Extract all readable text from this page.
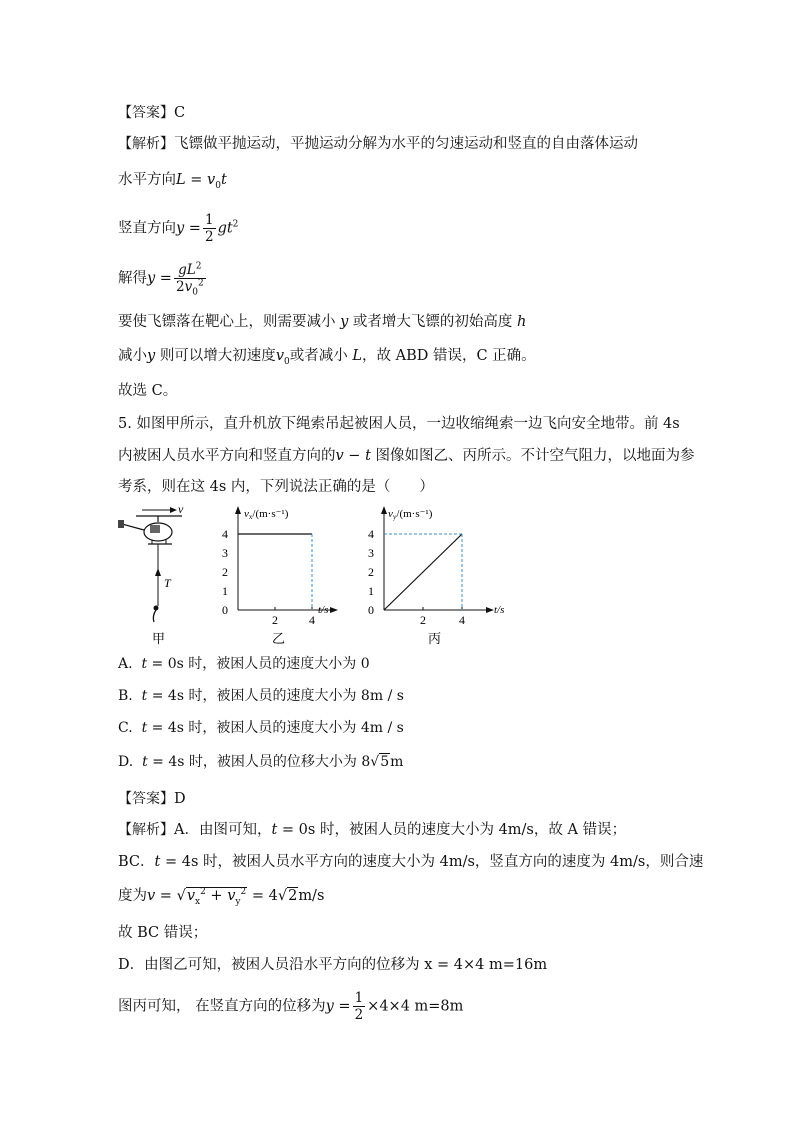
【答案】C
【解析】飞镖做平抛运动，平抛运动分解为水平的匀速运动和竖直的自由落体运动
水平方向$L = v_0t$
竖直方向$y = \frac{1}{2} gt^2$
解得$y = \frac{gL^2}{2v_0^2}$
要使飞镖落在靶心上，则需要减小 y 或者增大飞镖的初始高度 h
减小y 则可以增大初速度$v_0$或者减小 L，故 ABD 错误，C 正确。
故选 C。
5. 如图甲所示，直升机放下绳索吊起被困人员，一边收缩绳索一边飞向安全地带。前 4s
内被困人员水平方向和竖直方向的v − t 图像如图乙、丙所示。不计空气阻力，以地面为参
考系，则在这 4s 内，下列说法正确的是（　　）
v
T
甲
vx/(m·s⁻¹)
t/s
0
1
2
3
4
2	4
乙
vy/(m·s⁻¹)
t/s
0
1
2
3
4
2	4
丙
A. t = 0s 时，被困人员的速度大小为 0
B. t = 4s 时，被困人员的速度大小为 8m / s
C. t = 4s 时，被困人员的速度大小为 4m / s
D. t = 4s 时，被困人员的位移大小为 8√5m
【答案】D
【解析】A．由图可知，t = 0s 时，被困人员的速度大小为 4m/s，故 A 错误；
BC．t = 4s 时，被困人员水平方向的速度大小为 4m/s，竖直方向的速度为 4m/s，则合速
度为$v = √v_x^2 + v_y^2 = 4√2m/s$
故 BC 错误；
D．由图乙可知，被困人员沿水平方向的位移为 x = 4×4 m=16m
图丙可知， 在竖直方向的位移为$y = \frac{1}{2} \times 4\times 4$ m=8m
